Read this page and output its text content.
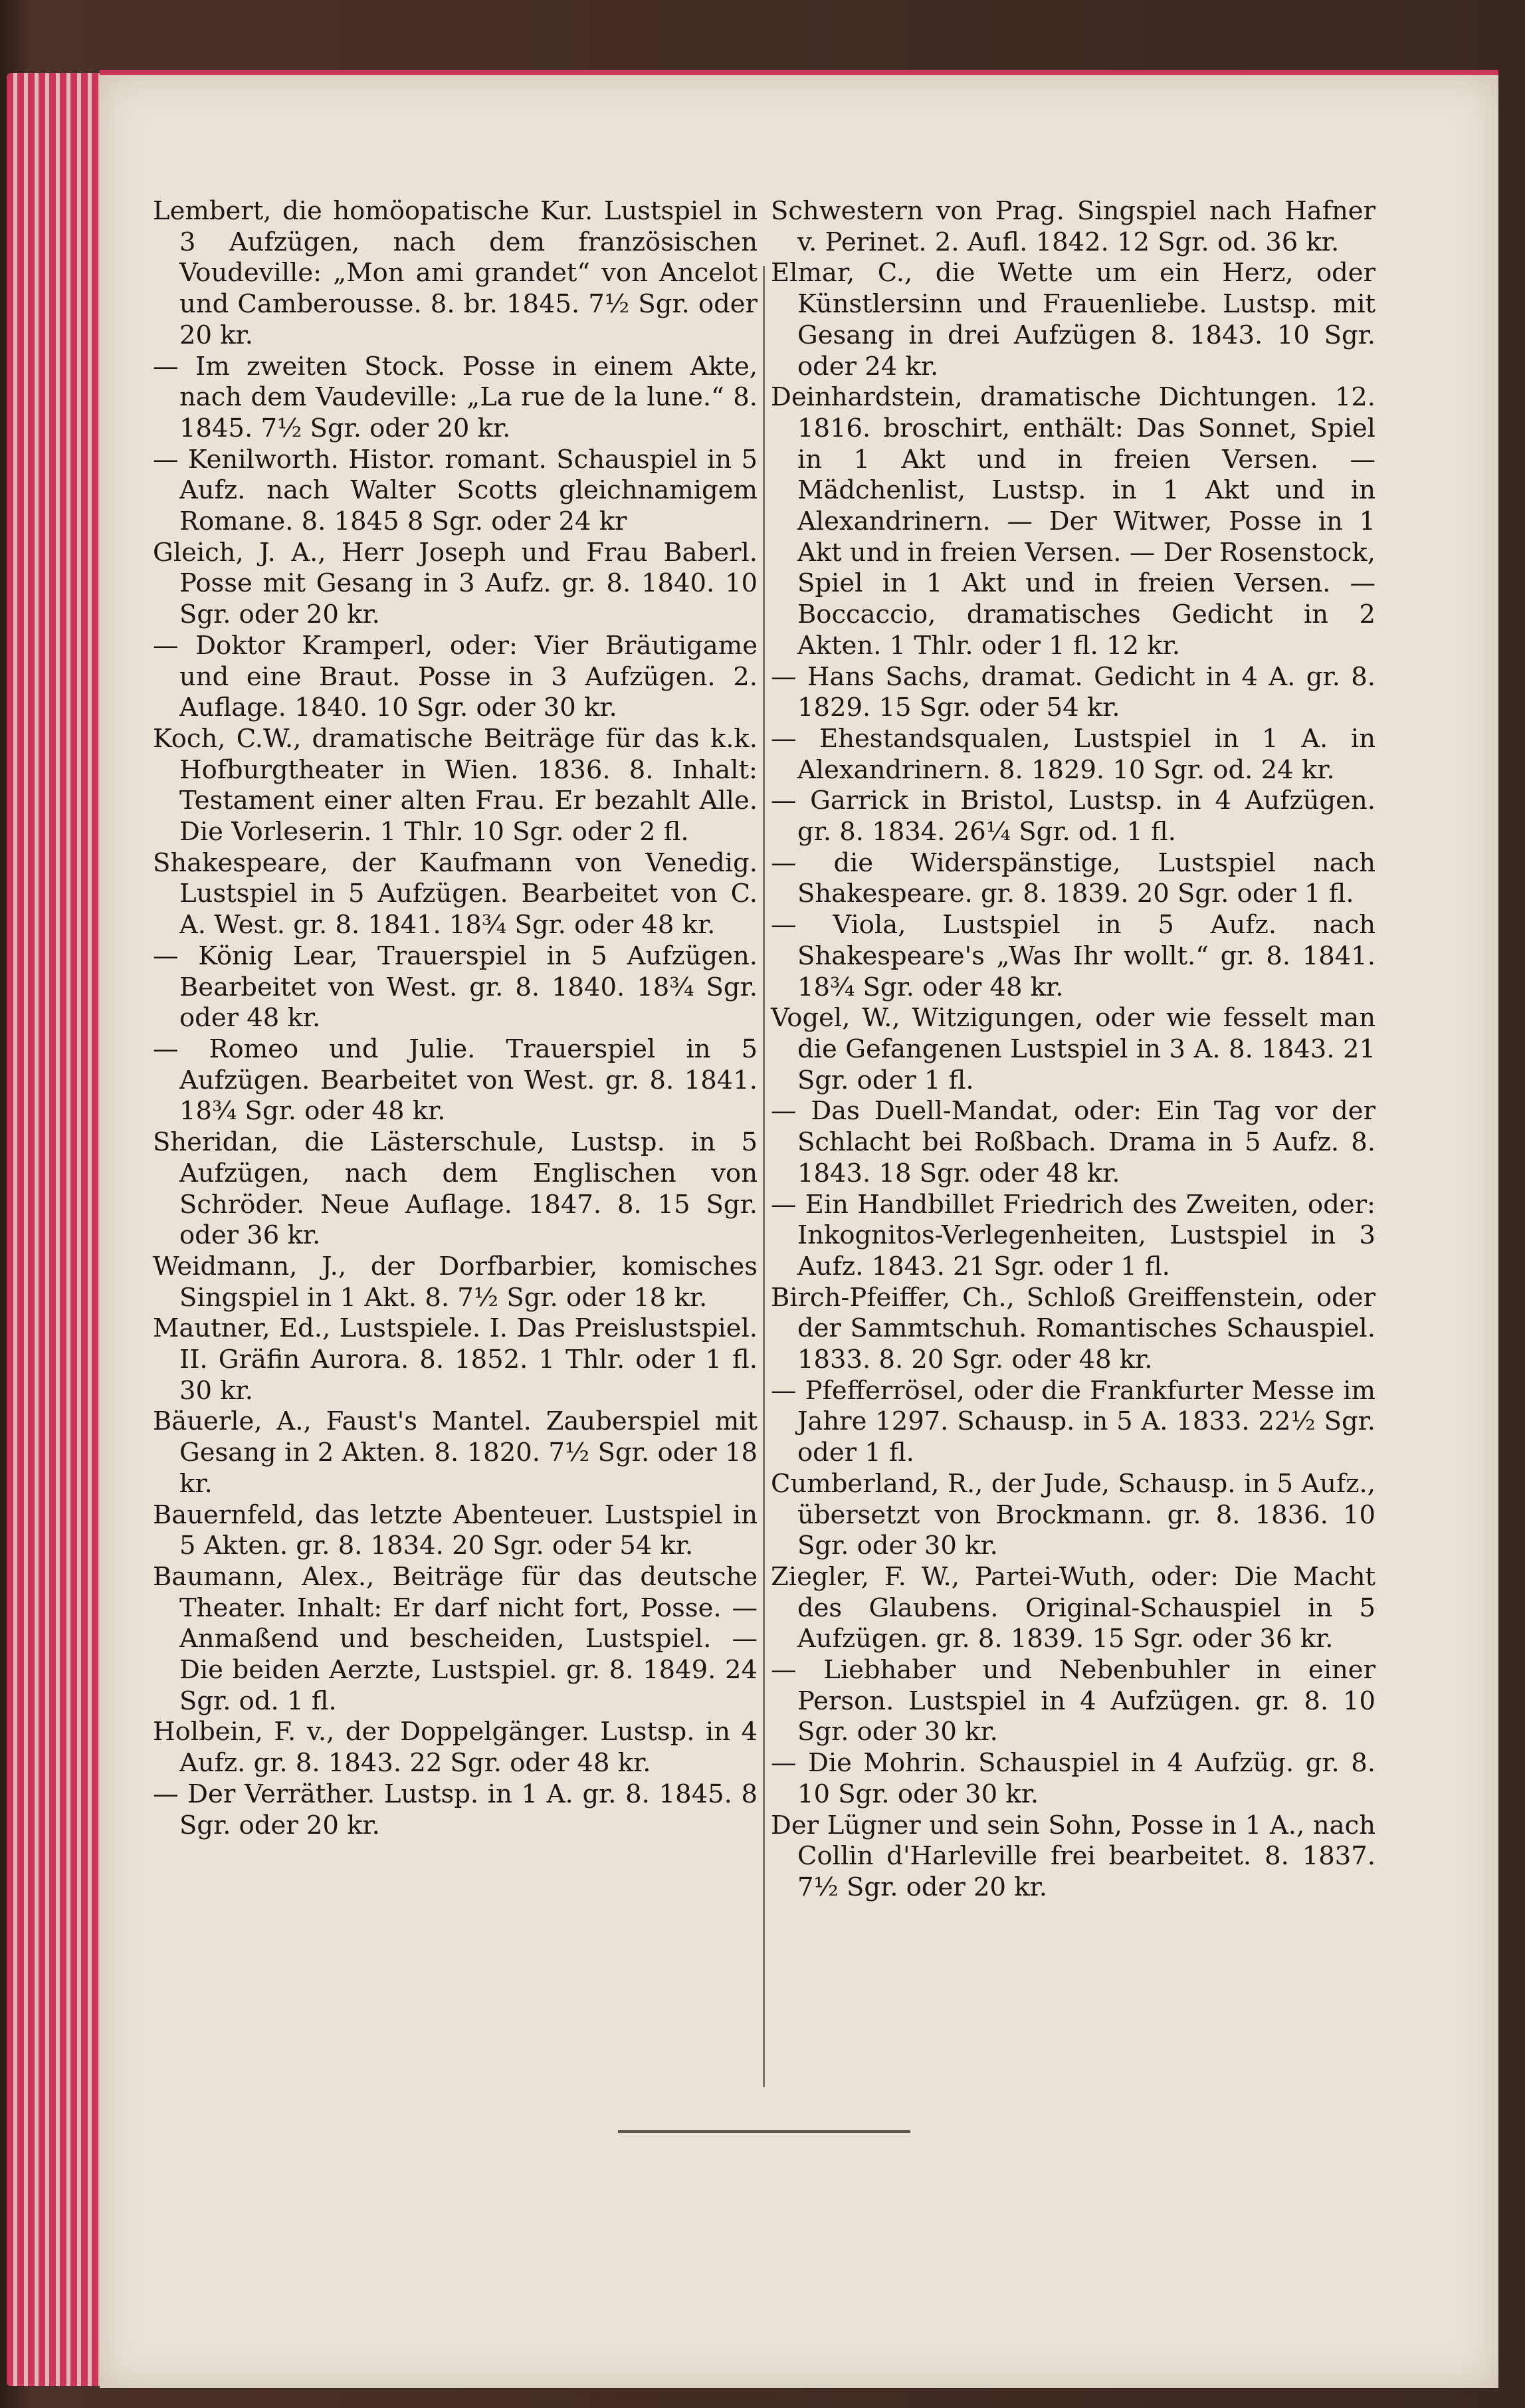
Lembert, die homöopatische Kur. Lustspiel in 3 Aufzügen, nach dem französischen Voudeville: „Mon ami grandet“ von Ancelot und Camberousse. 8. br. 1845. 7½ Sgr. oder 20 kr.

— Im zweiten Stock. Posse in einem Akte, nach dem Vaudeville: „La rue de la lune.“ 8. 1845. 7½ Sgr. oder 20 kr.

— Kenilworth. Histor. romant. Schauspiel in 5 Aufz. nach Walter Scotts gleichnamigem Romane. 8. 1845 8 Sgr. oder 24 kr

Gleich, J. A., Herr Joseph und Frau Baberl. Posse mit Gesang in 3 Aufz. gr. 8. 1840. 10 Sgr. oder 20 kr.

— Doktor Kramperl, oder: Vier Bräutigame und eine Braut. Posse in 3 Aufzügen. 2. Auflage. 1840. 10 Sgr. oder 30 kr.

Koch, C.W., dramatische Beiträge für das k.k. Hofburgtheater in Wien. 1836. 8. Inhalt: Testament einer alten Frau. Er bezahlt Alle. Die Vorleserin. 1 Thlr. 10 Sgr. oder 2 fl.

Shakespeare, der Kaufmann von Venedig. Lustspiel in 5 Aufzügen. Bearbeitet von C. A. West. gr. 8. 1841. 18¾ Sgr. oder 48 kr.

— König Lear, Trauerspiel in 5 Aufzügen. Bearbeitet von West. gr. 8. 1840. 18¾ Sgr. oder 48 kr.

— Romeo und Julie. Trauerspiel in 5 Aufzügen. Bearbeitet von West. gr. 8. 1841. 18¾ Sgr. oder 48 kr.

Sheridan, die Lästerschule, Lustsp. in 5 Aufzügen, nach dem Englischen von Schröder. Neue Auflage. 1847. 8. 15 Sgr. oder 36 kr.

Weidmann, J., der Dorfbarbier, komisches Singspiel in 1 Akt. 8. 7½ Sgr. oder 18 kr.

Mautner, Ed., Lustspiele. I. Das Preislustspiel. II. Gräfin Aurora. 8. 1852. 1 Thlr. oder 1 fl. 30 kr.

Bäuerle, A., Faust's Mantel. Zauberspiel mit Gesang in 2 Akten. 8. 1820. 7½ Sgr. oder 18 kr.

Bauernfeld, das letzte Abenteuer. Lustspiel in 5 Akten. gr. 8. 1834. 20 Sgr. oder 54 kr.

Baumann, Alex., Beiträge für das deutsche Theater. Inhalt: Er darf nicht fort, Posse. — Anmaßend und bescheiden, Lustspiel. — Die beiden Aerzte, Lustspiel. gr. 8. 1849. 24 Sgr. od. 1 fl.

Holbein, F. v., der Doppelgänger. Lustsp. in 4 Aufz. gr. 8. 1843. 22 Sgr. oder 48 kr.

— Der Verräther. Lustsp. in 1 A. gr. 8. 1845. 8 Sgr. oder 20 kr.

Schwestern von Prag. Singspiel nach Hafner v. Perinet. 2. Aufl. 1842. 12 Sgr. od. 36 kr.

Elmar, C., die Wette um ein Herz, oder Künstlersinn und Frauenliebe. Lustsp. mit Gesang in drei Aufzügen 8. 1843. 10 Sgr. oder 24 kr.

Deinhardstein, dramatische Dichtungen. 12. 1816. broschirt, enthält: Das Sonnet, Spiel in 1 Akt und in freien Versen. — Mädchenlist, Lustsp. in 1 Akt und in Alexandrinern. — Der Witwer, Posse in 1 Akt und in freien Versen. — Der Rosenstock, Spiel in 1 Akt und in freien Versen. — Boccaccio, dramatisches Gedicht in 2 Akten. 1 Thlr. oder 1 fl. 12 kr.

— Hans Sachs, dramat. Gedicht in 4 A. gr. 8. 1829. 15 Sgr. oder 54 kr.

— Ehestandsqualen, Lustspiel in 1 A. in Alexandrinern. 8. 1829. 10 Sgr. od. 24 kr.

— Garrick in Bristol, Lustsp. in 4 Aufzügen. gr. 8. 1834. 26¼ Sgr. od. 1 fl.

— die Widerspänstige, Lustspiel nach Shakespeare. gr. 8. 1839. 20 Sgr. oder 1 fl.

— Viola, Lustspiel in 5 Aufz. nach Shakespeare's „Was Ihr wollt.“ gr. 8. 1841. 18¾ Sgr. oder 48 kr.

Vogel, W., Witzigungen, oder wie fesselt man die Gefangenen Lustspiel in 3 A. 8. 1843. 21 Sgr. oder 1 fl.

— Das Duell-Mandat, oder: Ein Tag vor der Schlacht bei Roßbach. Drama in 5 Aufz. 8. 1843. 18 Sgr. oder 48 kr.

— Ein Handbillet Friedrich des Zweiten, oder: Inkognitos-Verlegenheiten, Lustspiel in 3 Aufz. 1843. 21 Sgr. oder 1 fl.

Birch-Pfeiffer, Ch., Schloß Greiffenstein, oder der Sammtschuh. Romantisches Schauspiel. 1833. 8. 20 Sgr. oder 48 kr.

— Pfefferrösel, oder die Frankfurter Messe im Jahre 1297. Schausp. in 5 A. 1833. 22½ Sgr. oder 1 fl.

Cumberland, R., der Jude, Schausp. in 5 Aufz., übersetzt von Brockmann. gr. 8. 1836. 10 Sgr. oder 30 kr.

Ziegler, F. W., Partei-Wuth, oder: Die Macht des Glaubens. Original-Schauspiel in 5 Aufzügen. gr. 8. 1839. 15 Sgr. oder 36 kr.

— Liebhaber und Nebenbuhler in einer Person. Lustspiel in 4 Aufzügen. gr. 8. 10 Sgr. oder 30 kr.

— Die Mohrin. Schauspiel in 4 Aufzüg. gr. 8. 10 Sgr. oder 30 kr.

Der Lügner und sein Sohn, Posse in 1 A., nach Collin d'Harleville frei bearbeitet. 8. 1837. 7½ Sgr. oder 20 kr.
